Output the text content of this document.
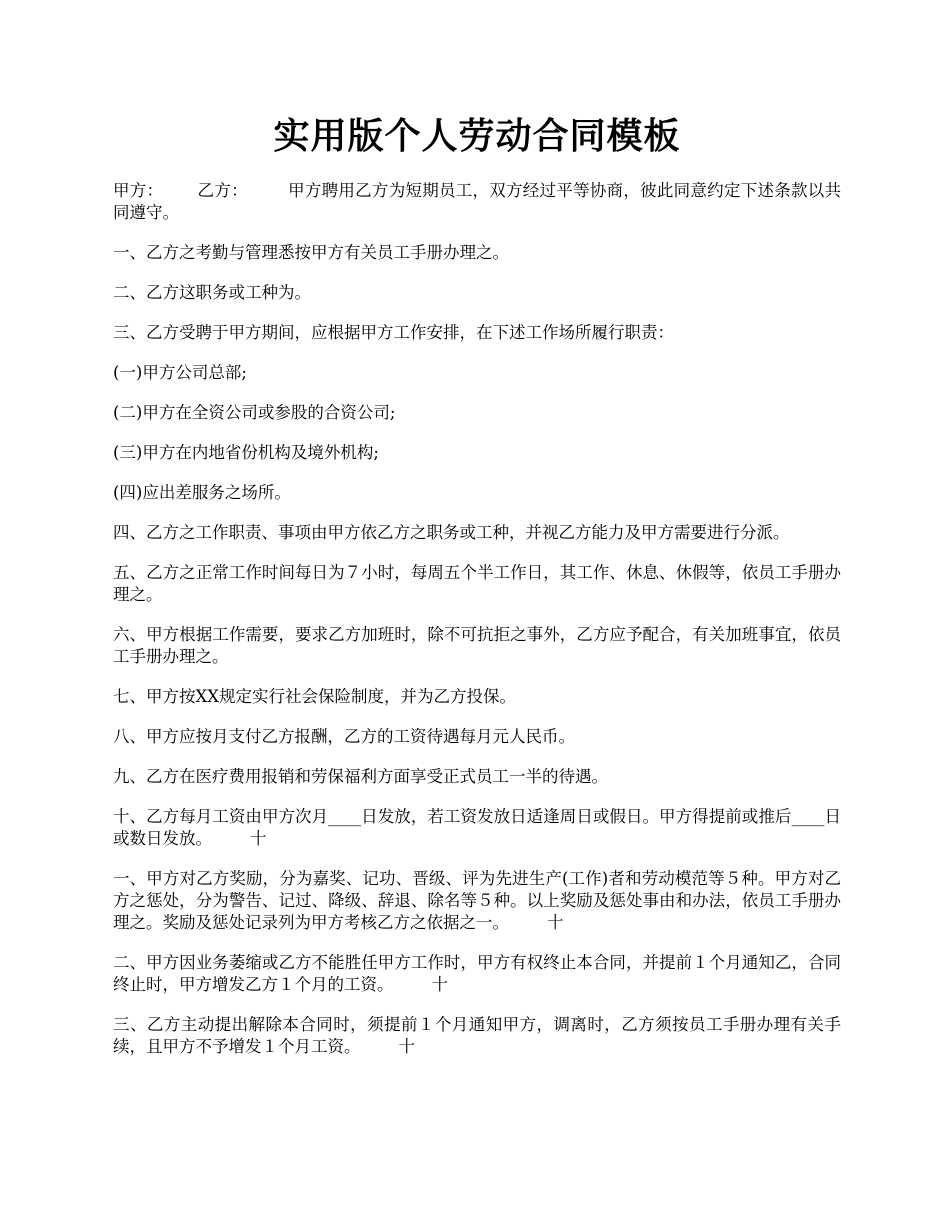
实用版个人劳动合同模板

甲方： 乙方： 甲方聘用乙方为短期员工，双方经过平等协商，彼此同意约定下述条款以共同遵守。

一、乙方之考勤与管理悉按甲方有关员工手册办理之。

二、乙方这职务或工种为。

三、乙方受聘于甲方期间，应根据甲方工作安排，在下述工作场所履行职责：

(一)甲方公司总部;

(二)甲方在全资公司或参股的合资公司;

(三)甲方在内地省份机构及境外机构;

(四)应出差服务之场所。

四、乙方之工作职责、事项由甲方依乙方之职务或工种，并视乙方能力及甲方需要进行分派。

五、乙方之正常工作时间每日为７小时，每周五个半工作日，其工作、休息、休假等，依员工手册办理之。

六、甲方根据工作需要，要求乙方加班时，除不可抗拒之事外，乙方应予配合，有关加班事宜，依员工手册办理之。

七、甲方按XX规定实行社会保险制度，并为乙方投保。

八、甲方应按月支付乙方报酬，乙方的工资待遇每月元人民币。

九、乙方在医疗费用报销和劳保福利方面享受正式员工一半的待遇。

十、乙方每月工资由甲方次月____日发放，若工资发放日适逢周日或假日。甲方得提前或推后____日或数日发放。 十

一、甲方对乙方奖励，分为嘉奖、记功、晋级、评为先进生产(工作)者和劳动模范等５种。甲方对乙方之惩处，分为警告、记过、降级、辞退、除名等５种。以上奖励及惩处事由和办法，依员工手册办理之。奖励及惩处记录列为甲方考核乙方之依据之一。 十

二、甲方因业务萎缩或乙方不能胜任甲方工作时，甲方有权终止本合同，并提前１个月通知乙，合同终止时，甲方增发乙方１个月的工资。 十

三、乙方主动提出解除本合同时，须提前１个月通知甲方，调离时，乙方须按员工手册办理有关手续，且甲方不予增发１个月工资。 十
